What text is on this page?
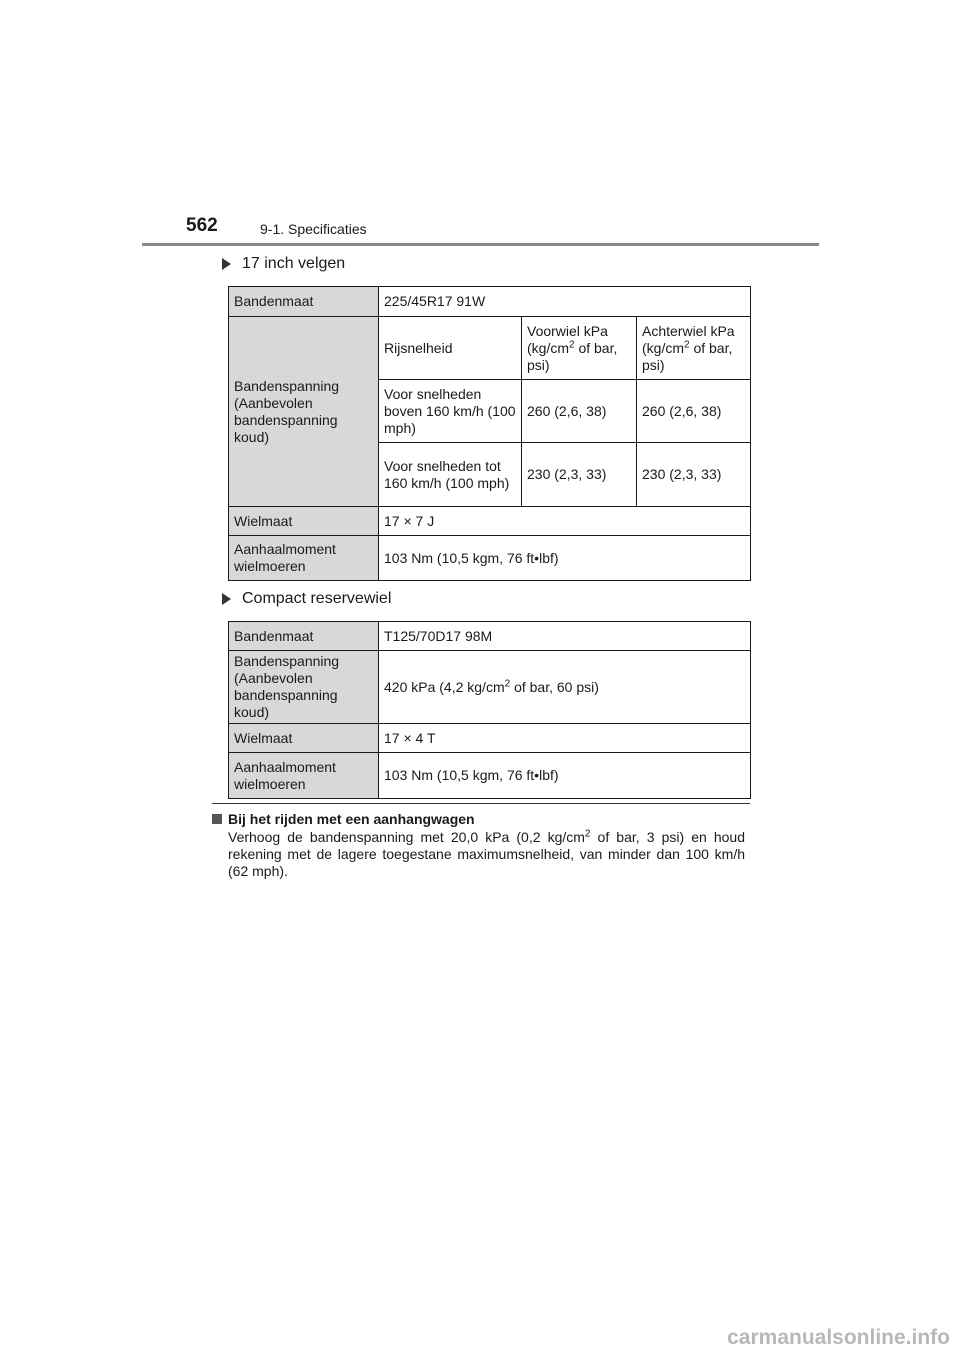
562	9-1. Specificaties
17 inch velgen
Bandenmaat	225/45R17 91W		
Bandenspanning (Aanbevolen bandenspanning koud)	Rijsnelheid	Voorwiel kPa ($kg/cm^2$ of bar, psi)	Achterwiel kPa ($kg/cm^2$ of bar, psi)
	Voor snelheden boven 160 km/h (100 mph)	260 (2,6, 38)	260 (2,6, 38)
	Voor snelheden tot 160 km/h (100 mph)	230 (2,3, 33)	230 (2,3, 33)
Wielmaat	17 × 7 J		
Aanhaalmoment wielmoeren	103 Nm (10,5 kgm, 76 ft•lbf)		
Compact reservewiel
Bandenmaat	T125/70D17 98M
Bandenspanning (Aanbevolen bandenspanning koud)	420 kPa (4,2 $kg/cm^2$ of bar, 60 psi)
Wielmaat	17 × 4 T
Aanhaalmoment wielmoeren	103 Nm (10,5 kgm, 76 ft•lbf)
Bij het rijden met een aanhangwagen
Verhoog de bandenspanning met 20,0 kPa (0,2 $kg/cm^2$ of bar, 3 psi) en houd rekening met de lagere toegestane maximumsnelheid, van minder dan 100 km/h (62 mph).
carmanualsonline.info
